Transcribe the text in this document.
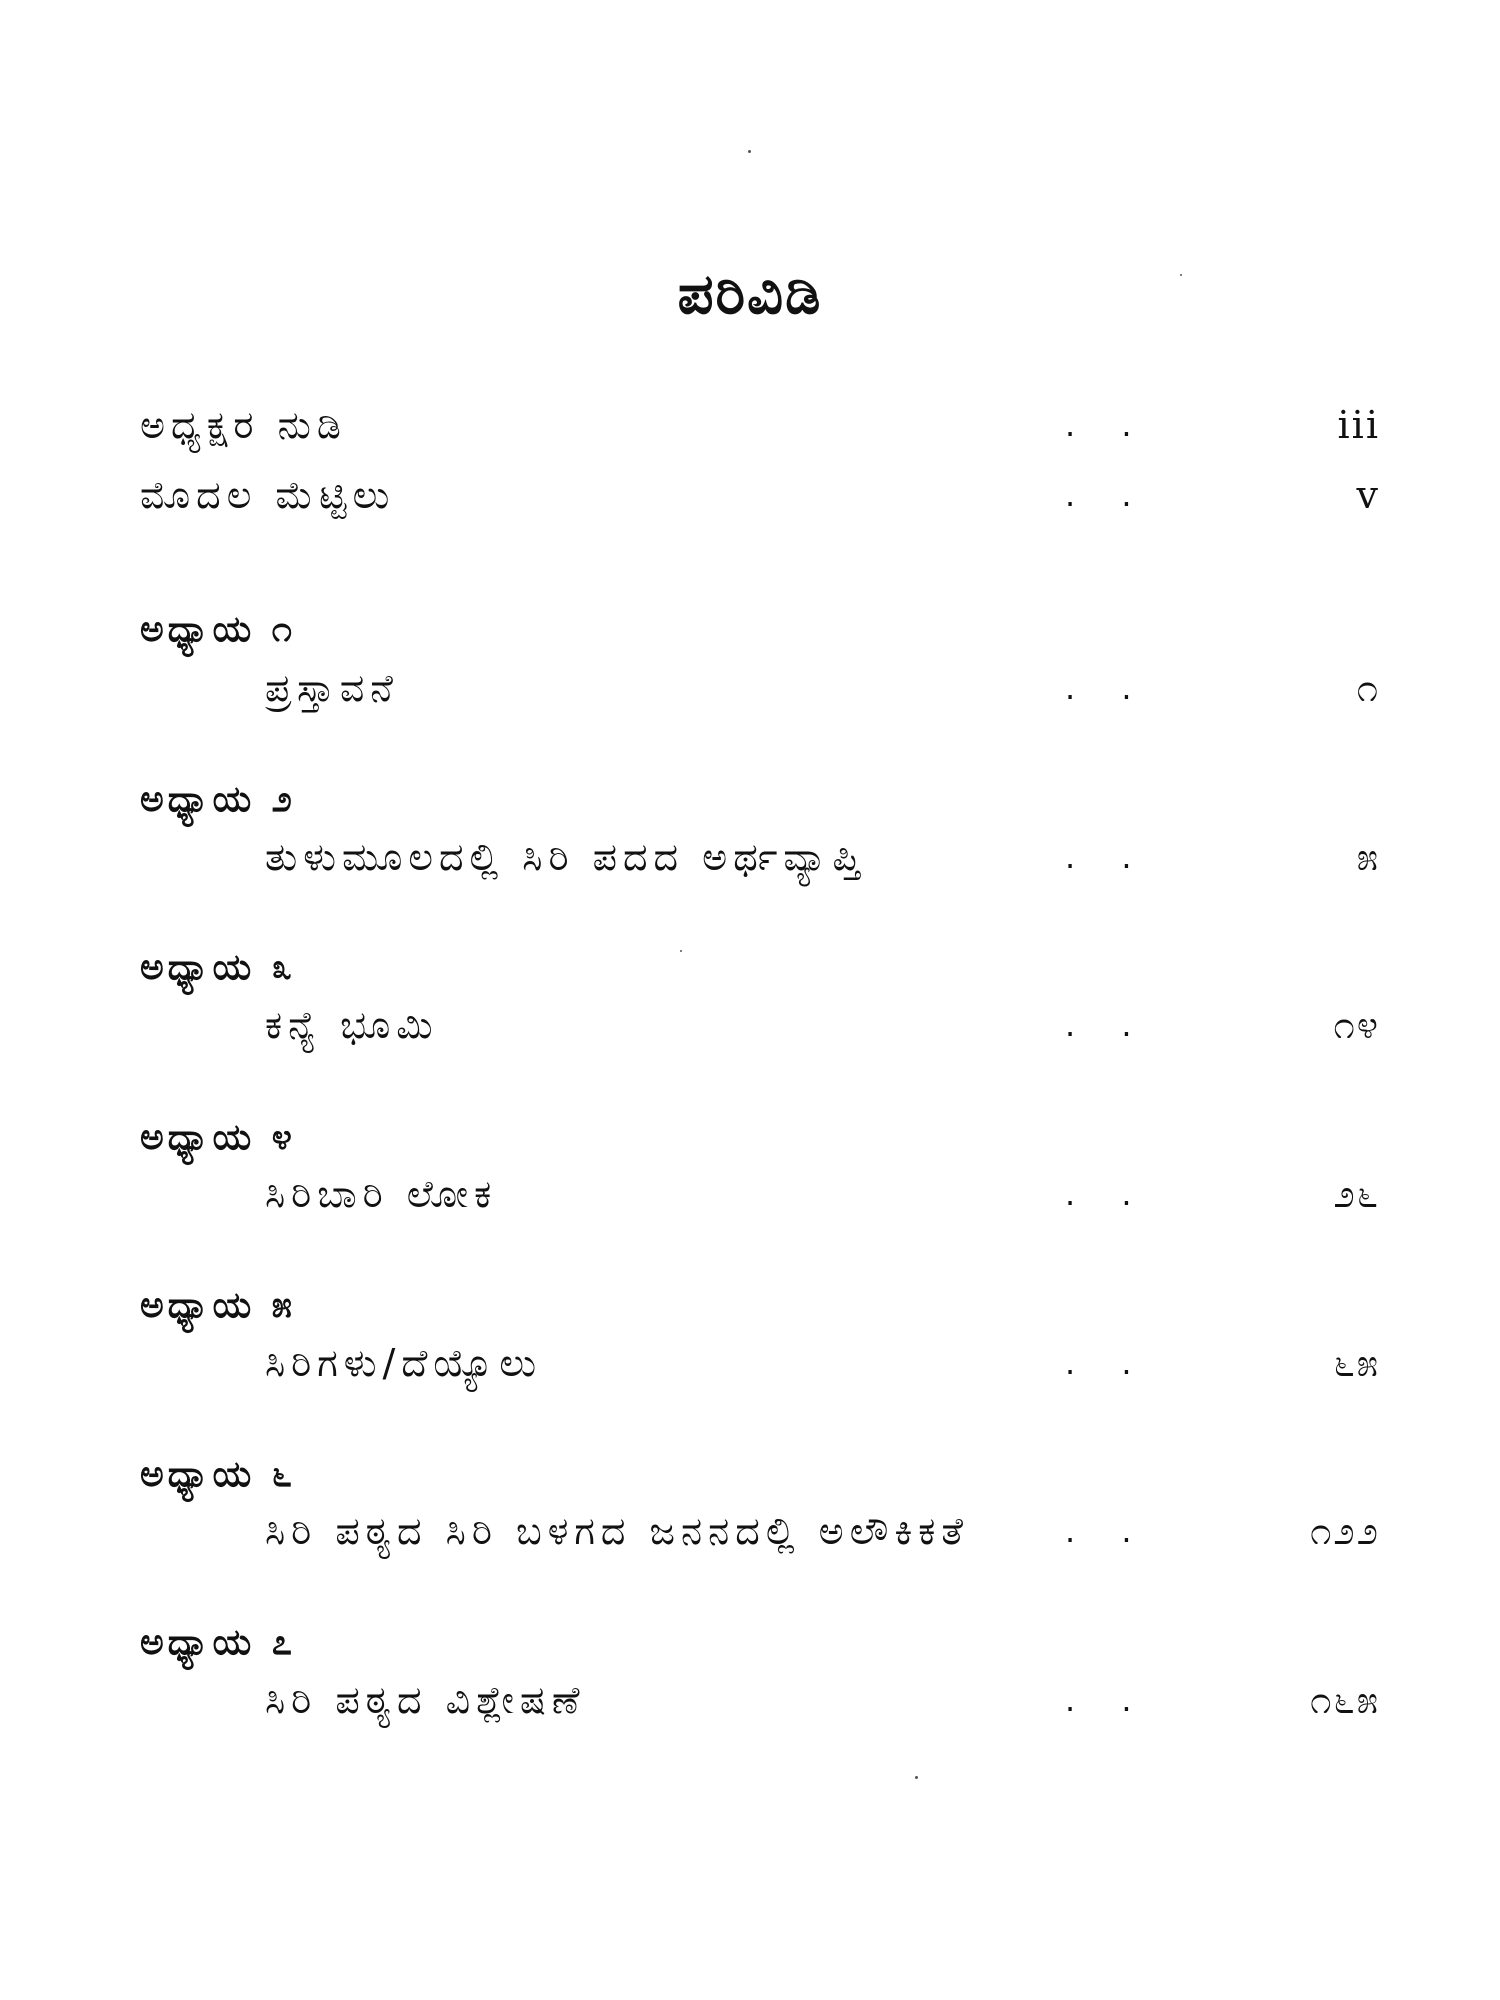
ಪರಿವಿಡಿ
ಅಧ್ಯಕ್ಷರ ನುಡಿ	. .	iii
ಮೊದಲ ಮೆಟ್ಟಿಲು	. .	v
ಅಧ್ಯಾಯ ೧
ಪ್ರಸ್ತಾವನೆ	. .	೧
ಅಧ್ಯಾಯ ೨
ತುಳುಮೂಲದಲ್ಲಿ ಸಿರಿ ಪದದ ಅರ್ಥವ್ಯಾಪ್ತಿ	. .	೫
ಅಧ್ಯಾಯ ೩
ಕನ್ಯೆ ಭೂಮಿ	. .	೧೪
ಅಧ್ಯಾಯ ೪
ಸಿರಿಬಾರಿ ಲೋಕ	. .	೨೬
ಅಧ್ಯಾಯ ೫
ಸಿರಿಗಳು/ದೆಯ್ಯೊಲು	. .	೬೫
ಅಧ್ಯಾಯ ೬
ಸಿರಿ ಪಠ್ಯದ ಸಿರಿ ಬಳಗದ ಜನನದಲ್ಲಿ ಅಲೌಕಿಕತೆ	. .	೧೨೨
ಅಧ್ಯಾಯ ೭
ಸಿರಿ ಪಠ್ಯದ ವಿಶ್ಲೇಷಣೆ	. .	೧೬೫
